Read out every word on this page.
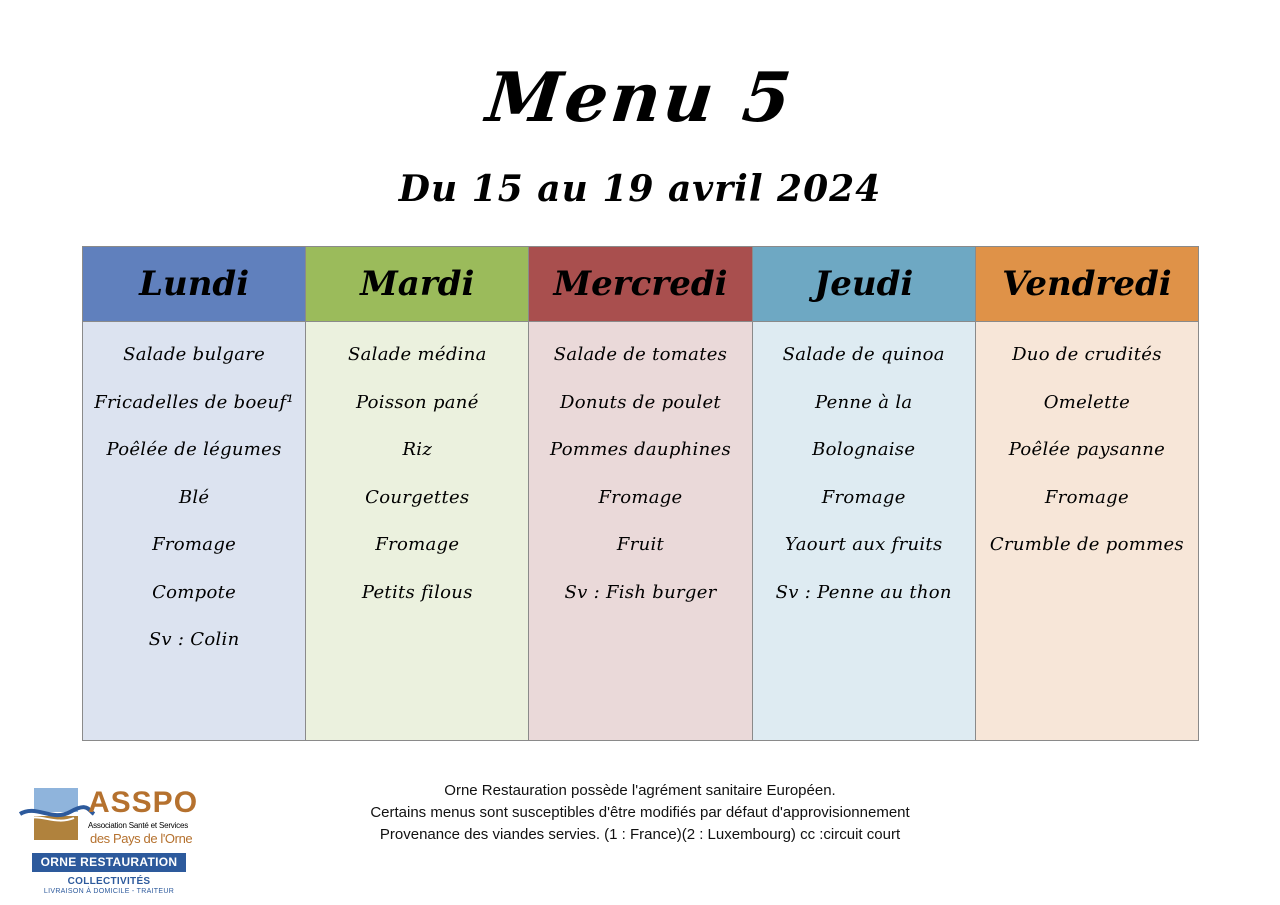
Menu 5
Du 15 au 19 avril 2024
Lundi
Salade bulgare
Fricadelles de boeuf¹
Poêlée de légumes
Blé
Fromage
Compote
Sv : Colin
Mardi
Salade médina
Poisson pané
Riz
Courgettes
Fromage
Petits filous
Mercredi
Salade de tomates
Donuts de poulet
Pommes dauphines
Fromage
Fruit
Sv : Fish burger
Jeudi
Salade de quinoa
Penne à la
Bolognaise
Fromage
Yaourt aux fruits
Sv : Penne au thon
Vendredi
Duo de crudités
Omelette
Poêlée paysanne
Fromage
Crumble de pommes
Orne Restauration possède l'agrément sanitaire Européen.
Certains menus sont susceptibles d'être modifiés par défaut d'approvisionnement
Provenance des viandes servies. (1 : France)(2 : Luxembourg) cc :circuit court
ASSPO
Association Santé et Services
des Pays de l'Orne
ORNE RESTAURATION
COLLECTIVITÉS
LIVRAISON À DOMICILE - TRAITEUR
